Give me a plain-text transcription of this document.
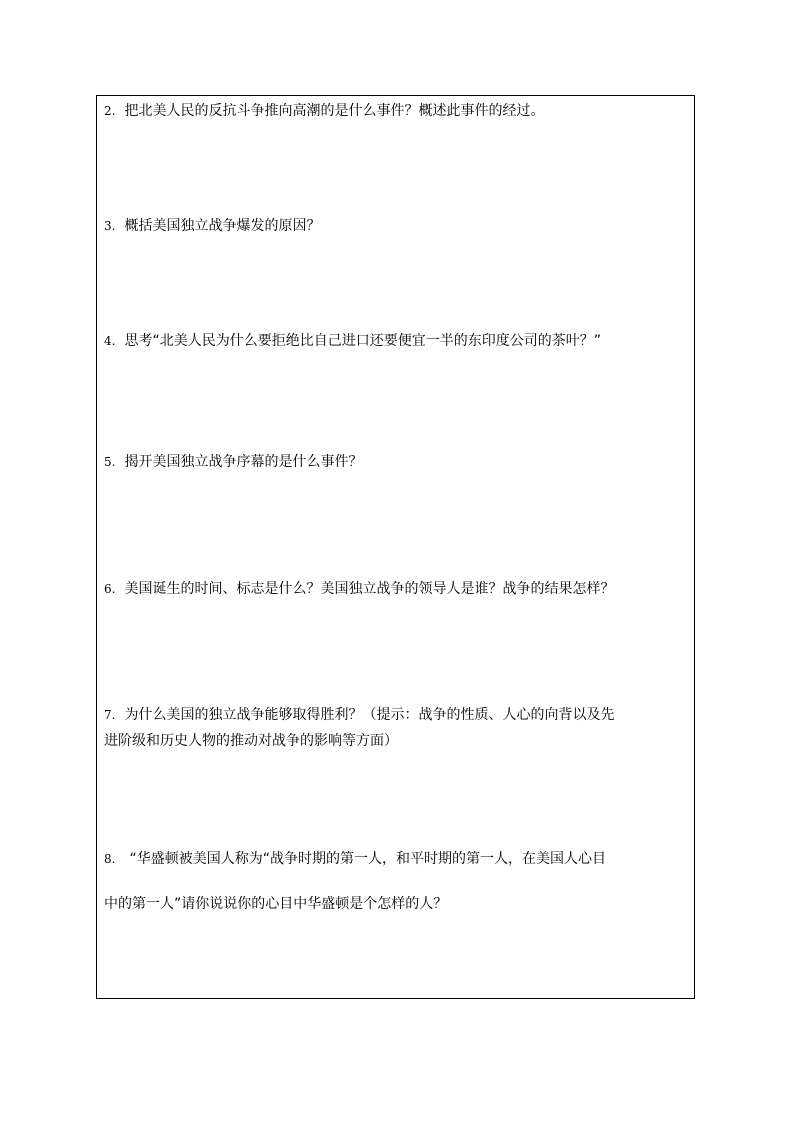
2. 把北美人民的反抗斗争推向高潮的是什么事件？概述此事件的经过。

3. 概括美国独立战争爆发的原因？

4. 思考“北美人民为什么要拒绝比自己进口还要便宜一半的东印度公司的茶叶？”

5. 揭开美国独立战争序幕的是什么事件？

6. 美国诞生的时间、标志是什么？美国独立战争的领导人是谁？战争的结果怎样？

7. 为什么美国的独立战争能够取得胜利？（提示：战争的性质、人心的向背以及先
进阶级和历史人物的推动对战争的影响等方面）

8. “华盛顿被美国人称为“战争时期的第一人，和平时期的第一人，在美国人心目
中的第一人”请你说说你的心目中华盛顿是个怎样的人？
